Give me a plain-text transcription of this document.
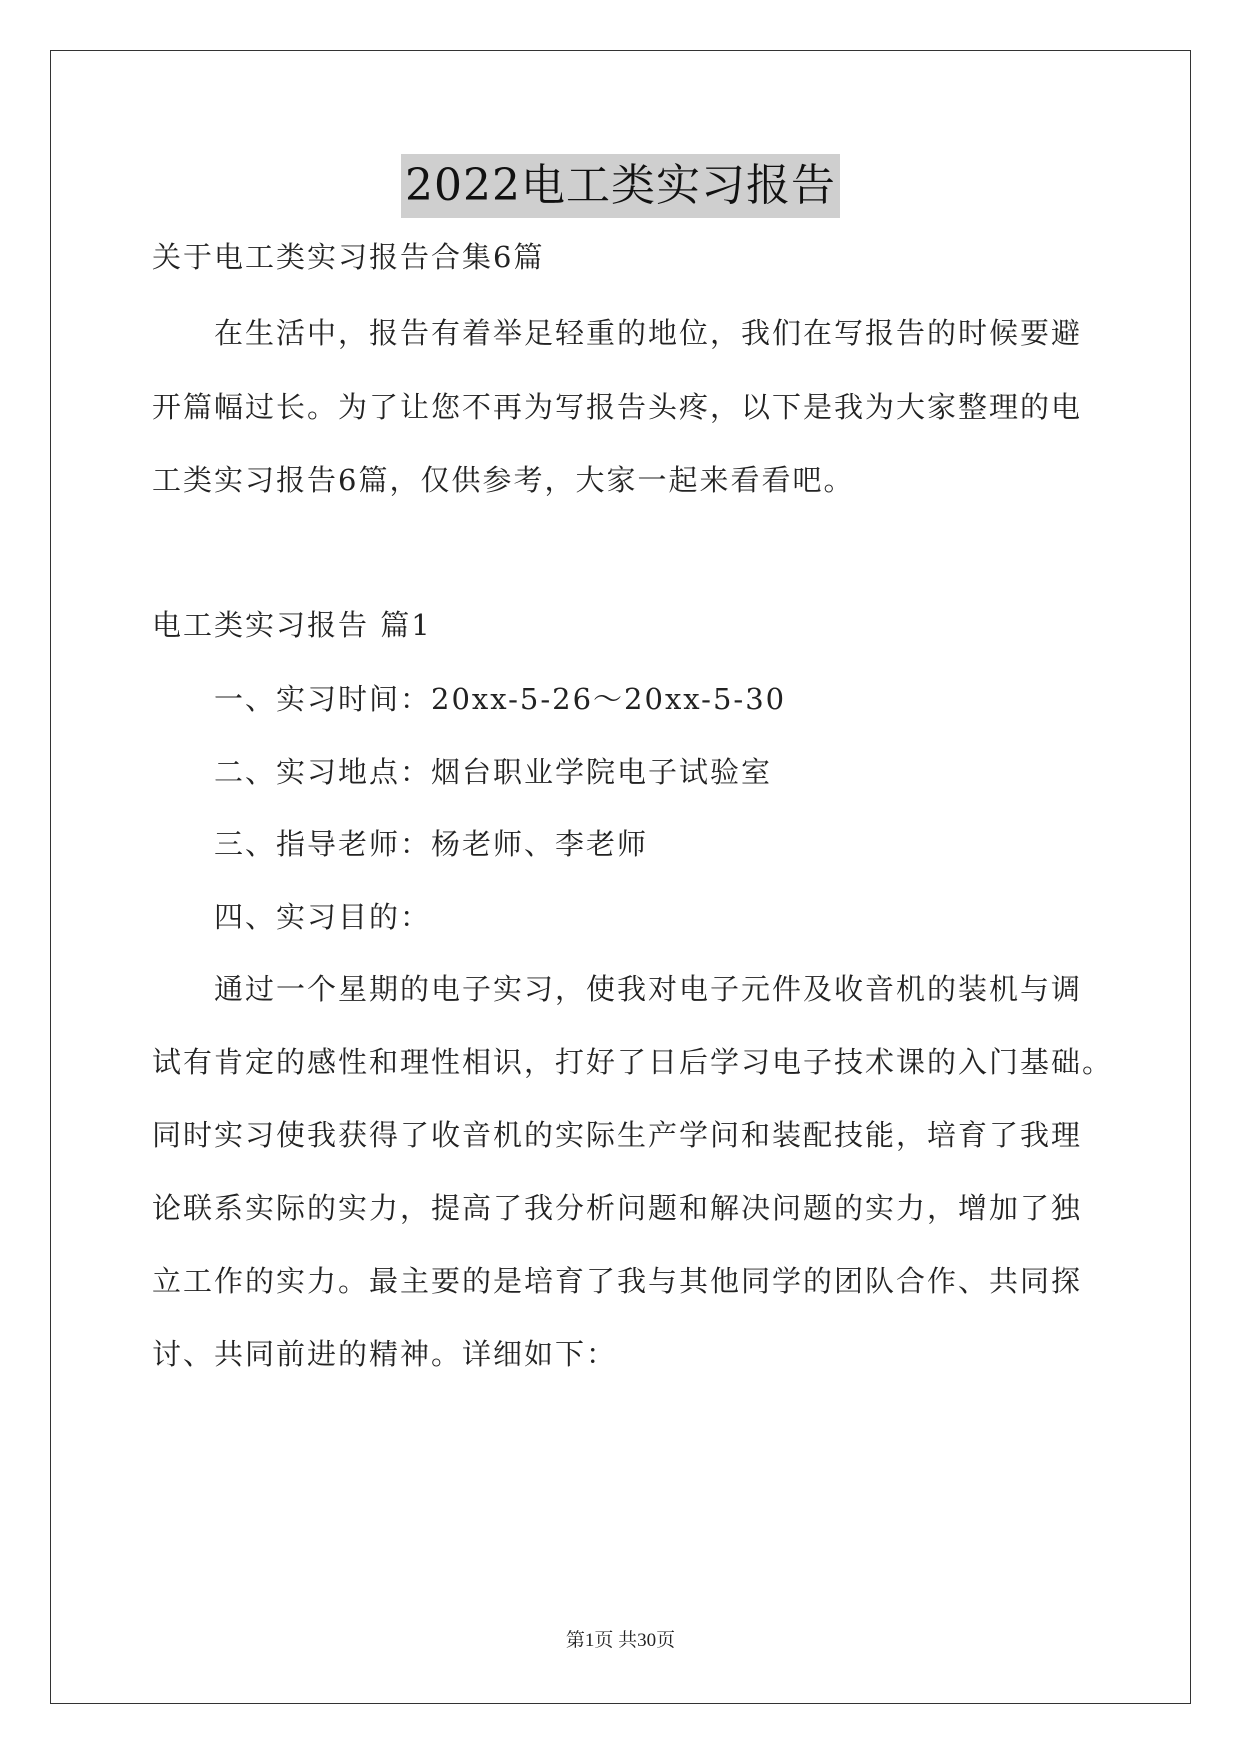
2022电工类实习报告
关于电工类实习报告合集6篇
在生活中，报告有着举足轻重的地位，我们在写报告的时候要避
开篇幅过长。为了让您不再为写报告头疼，以下是我为大家整理的电
工类实习报告6篇，仅供参考，大家一起来看看吧。
电工类实习报告 篇1
一、实习时间：20xx-5-26～20xx-5-30
二、实习地点：烟台职业学院电子试验室
三、指导老师：杨老师、李老师
四、实习目的：
通过一个星期的电子实习，使我对电子元件及收音机的装机与调
试有肯定的感性和理性相识，打好了日后学习电子技术课的入门基础。
同时实习使我获得了收音机的实际生产学问和装配技能，培育了我理
论联系实际的实力，提高了我分析问题和解决问题的实力，增加了独
立工作的实力。最主要的是培育了我与其他同学的团队合作、共同探
讨、共同前进的精神。详细如下：
第1页 共30页
